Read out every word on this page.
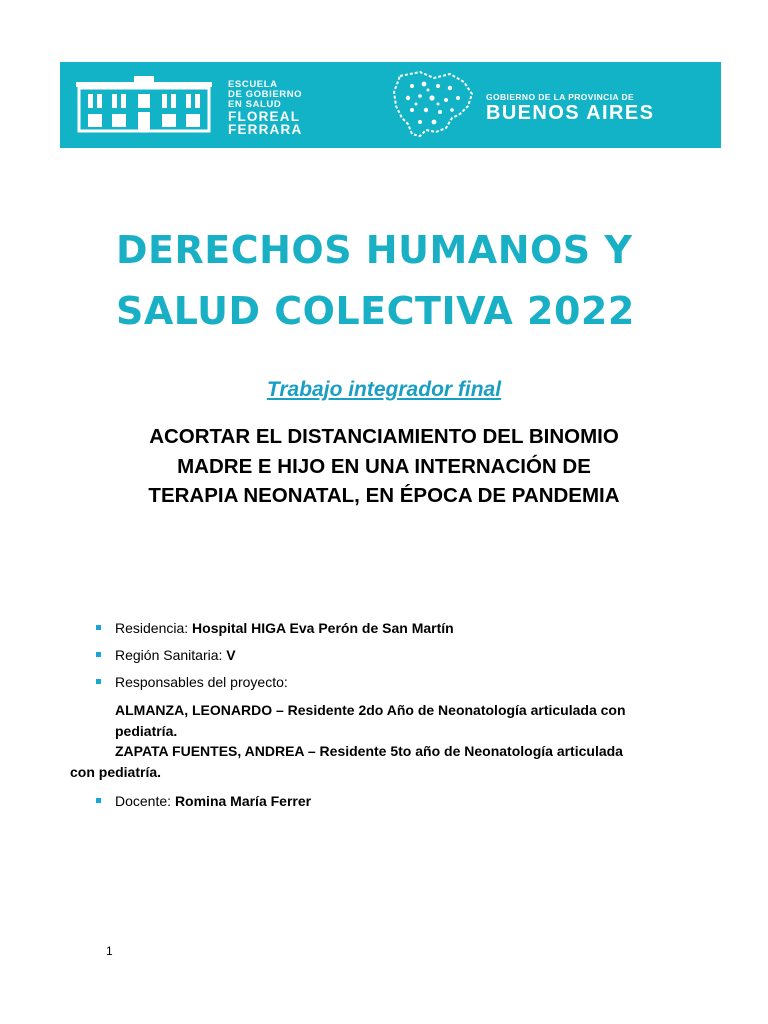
ESCUELA
DE GOBIERNO
EN SALUD
FLOREAL
FERRARA
GOBIERNO DE LA PROVINCIA DE
BUENOS AIRES
DERECHOS HUMANOS Y
SALUD COLECTIVA 2022
Trabajo integrador final
ACORTAR EL DISTANCIAMIENTO DEL BINOMIO
MADRE E HIJO EN UNA INTERNACIÓN DE
TERAPIA NEONATAL, EN ÉPOCA DE PANDEMIA
Residencia: Hospital HIGA Eva Perón de San Martín
Región Sanitaria: V
Responsables del proyecto:
Docente: Romina María Ferrer
ALMANZA, LEONARDO – Residente 2do Año de Neonatología articulada con
pediatría.
ZAPATA FUENTES, ANDREA – Residente 5to año de Neonatología articulada
con pediatría.
1
